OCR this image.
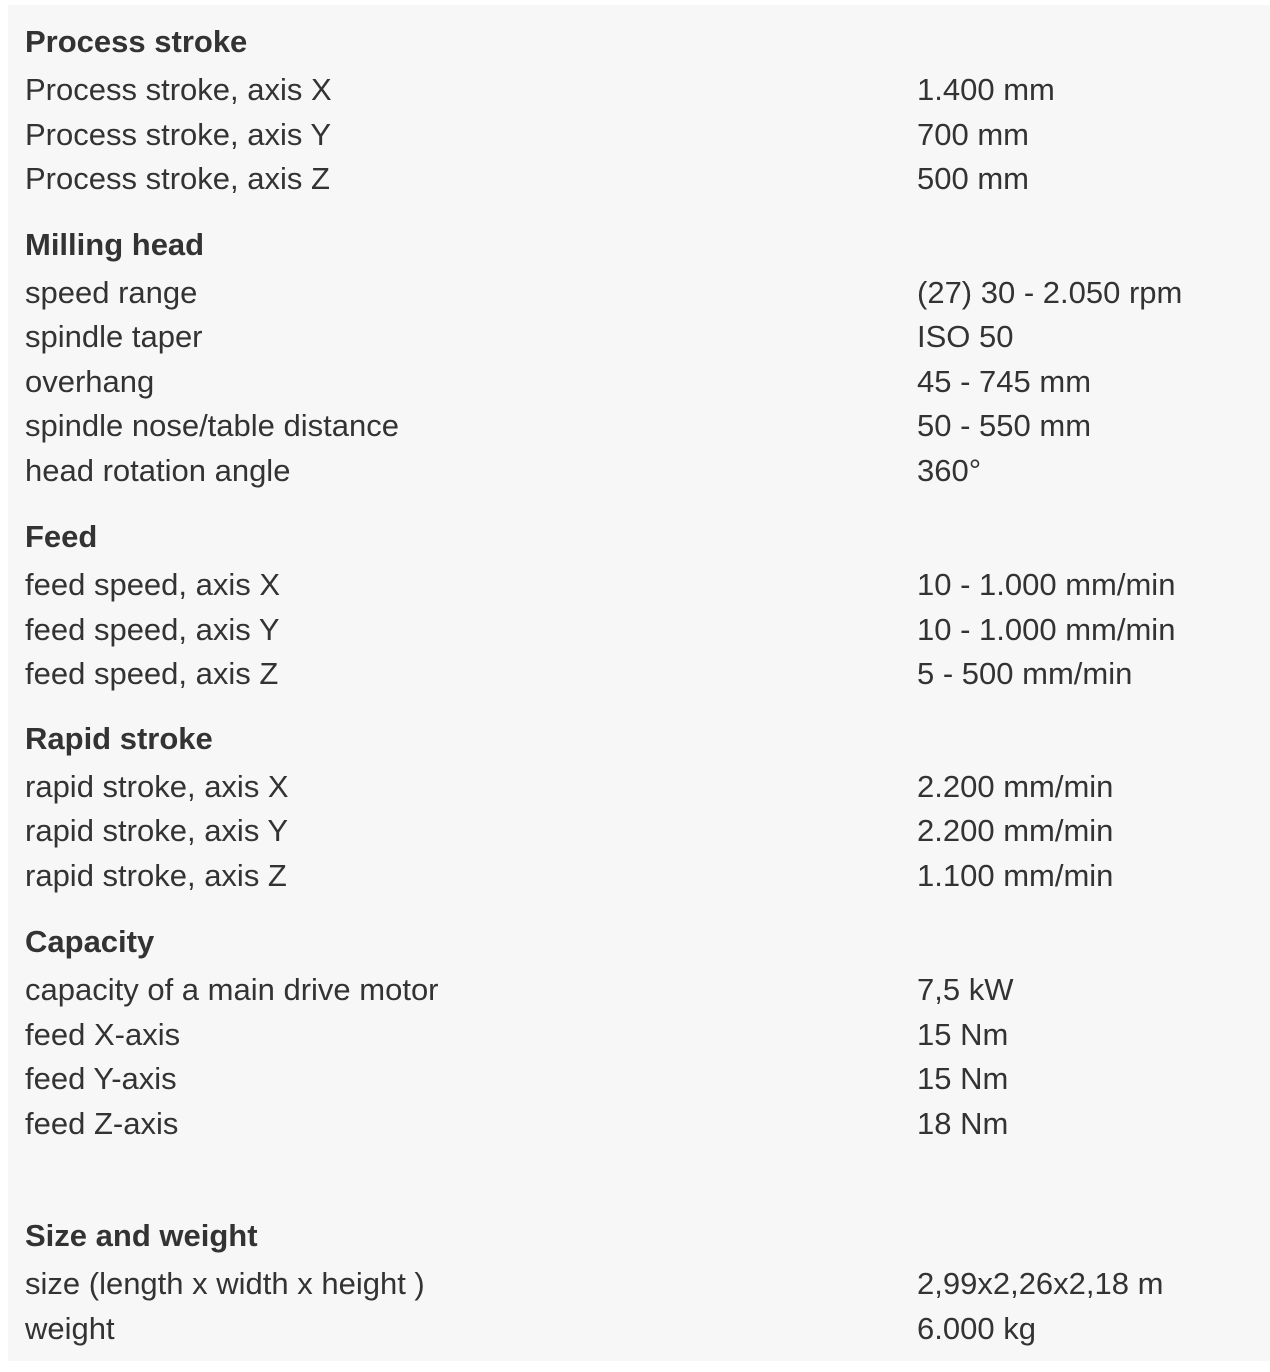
Process stroke
Process stroke, axis X	1.400 mm
Process stroke, axis Y	700 mm
Process stroke, axis Z	500 mm
Milling head
speed range	(27) 30 - 2.050 rpm
spindle taper	ISO 50
overhang	45 - 745 mm
spindle nose/table distance	50 - 550 mm
head rotation angle	360°
Feed
feed speed, axis X	10 - 1.000 mm/min
feed speed, axis Y	10 - 1.000 mm/min
feed speed, axis Z	5 - 500 mm/min
Rapid stroke
rapid stroke, axis X	2.200 mm/min
rapid stroke, axis Y	2.200 mm/min
rapid stroke, axis Z	1.100 mm/min
Capacity
capacity of a main drive motor	7,5 kW
feed X-axis	15 Nm
feed Y-axis	15 Nm
feed Z-axis	18 Nm
Size and weight
size (length x width x height )	2,99x2,26x2,18 m
weight	6.000 kg
